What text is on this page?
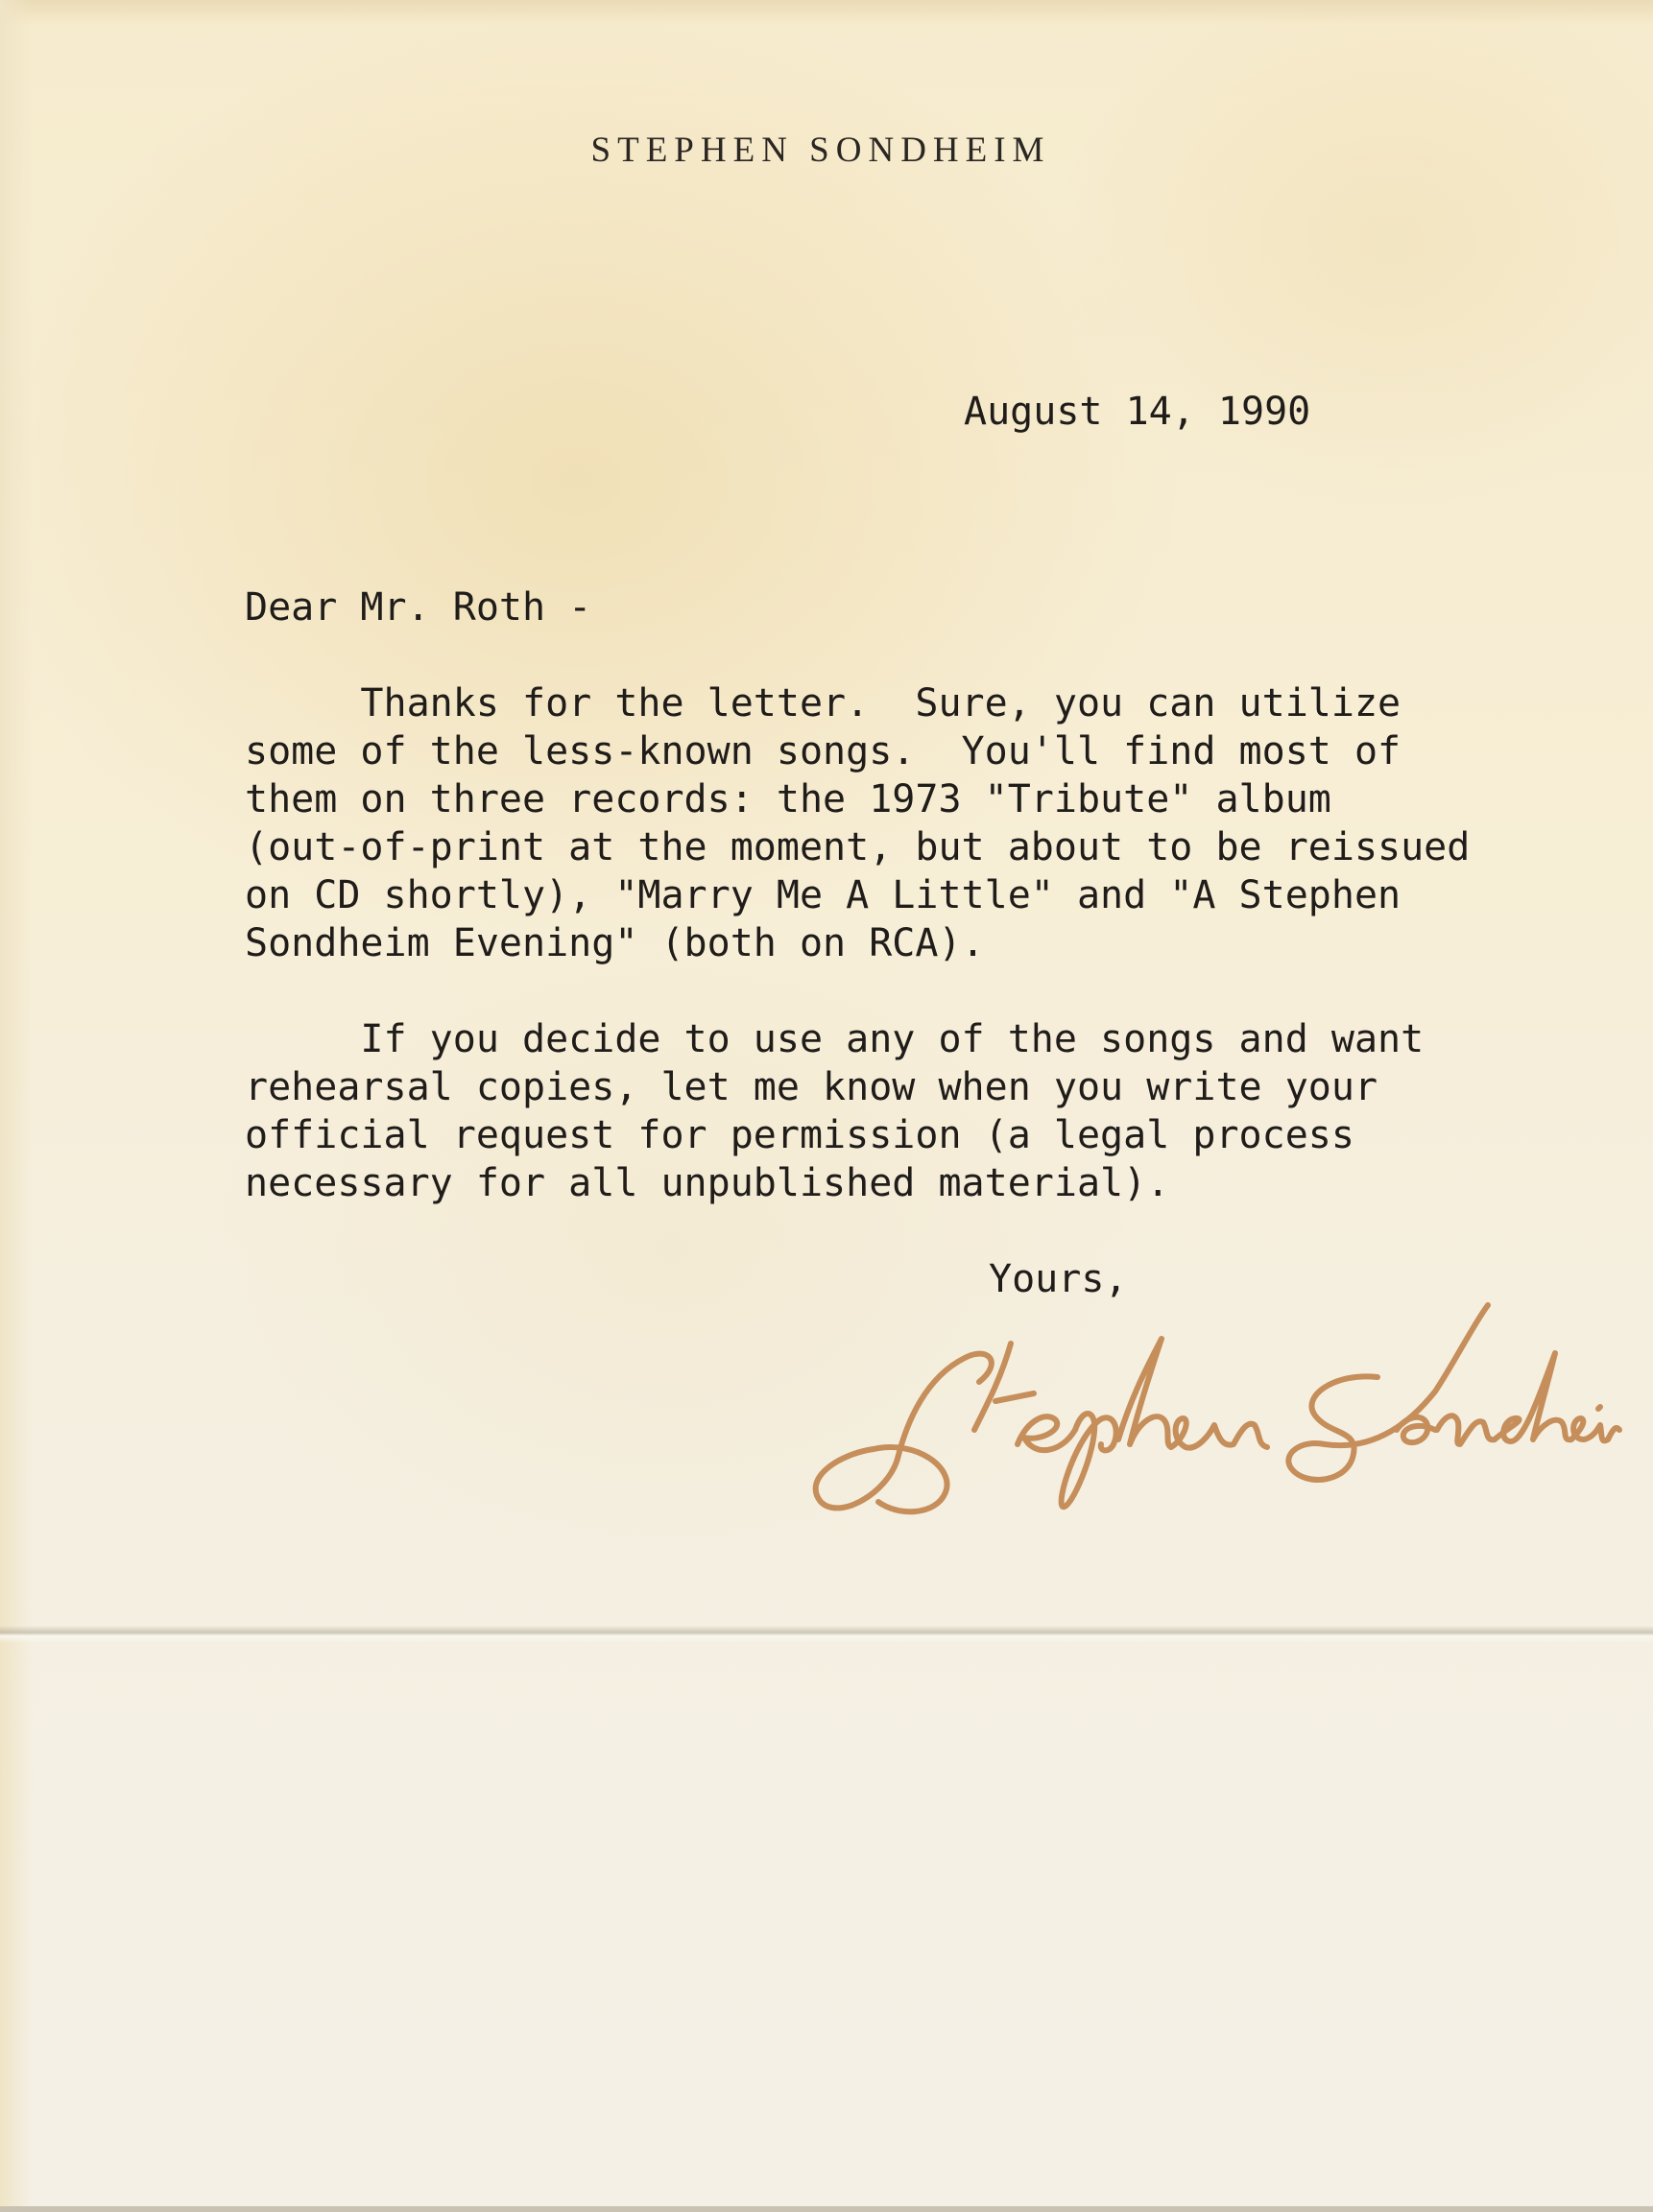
STEPHEN SONDHEIM
August 14, 1990
Dear Mr. Roth -
Thanks for the letter.  Sure, you can utilize
some of the less-known songs.  You'll find most of
them on three records: the 1973 "Tribute" album
(out-of-print at the moment, but about to be reissued
on CD shortly), "Marry Me A Little" and "A Stephen
Sondheim Evening" (both on RCA).
If you decide to use any of the songs and want
rehearsal copies, let me know when you write your
official request for permission (a legal process
necessary for all unpublished material).
Yours,
